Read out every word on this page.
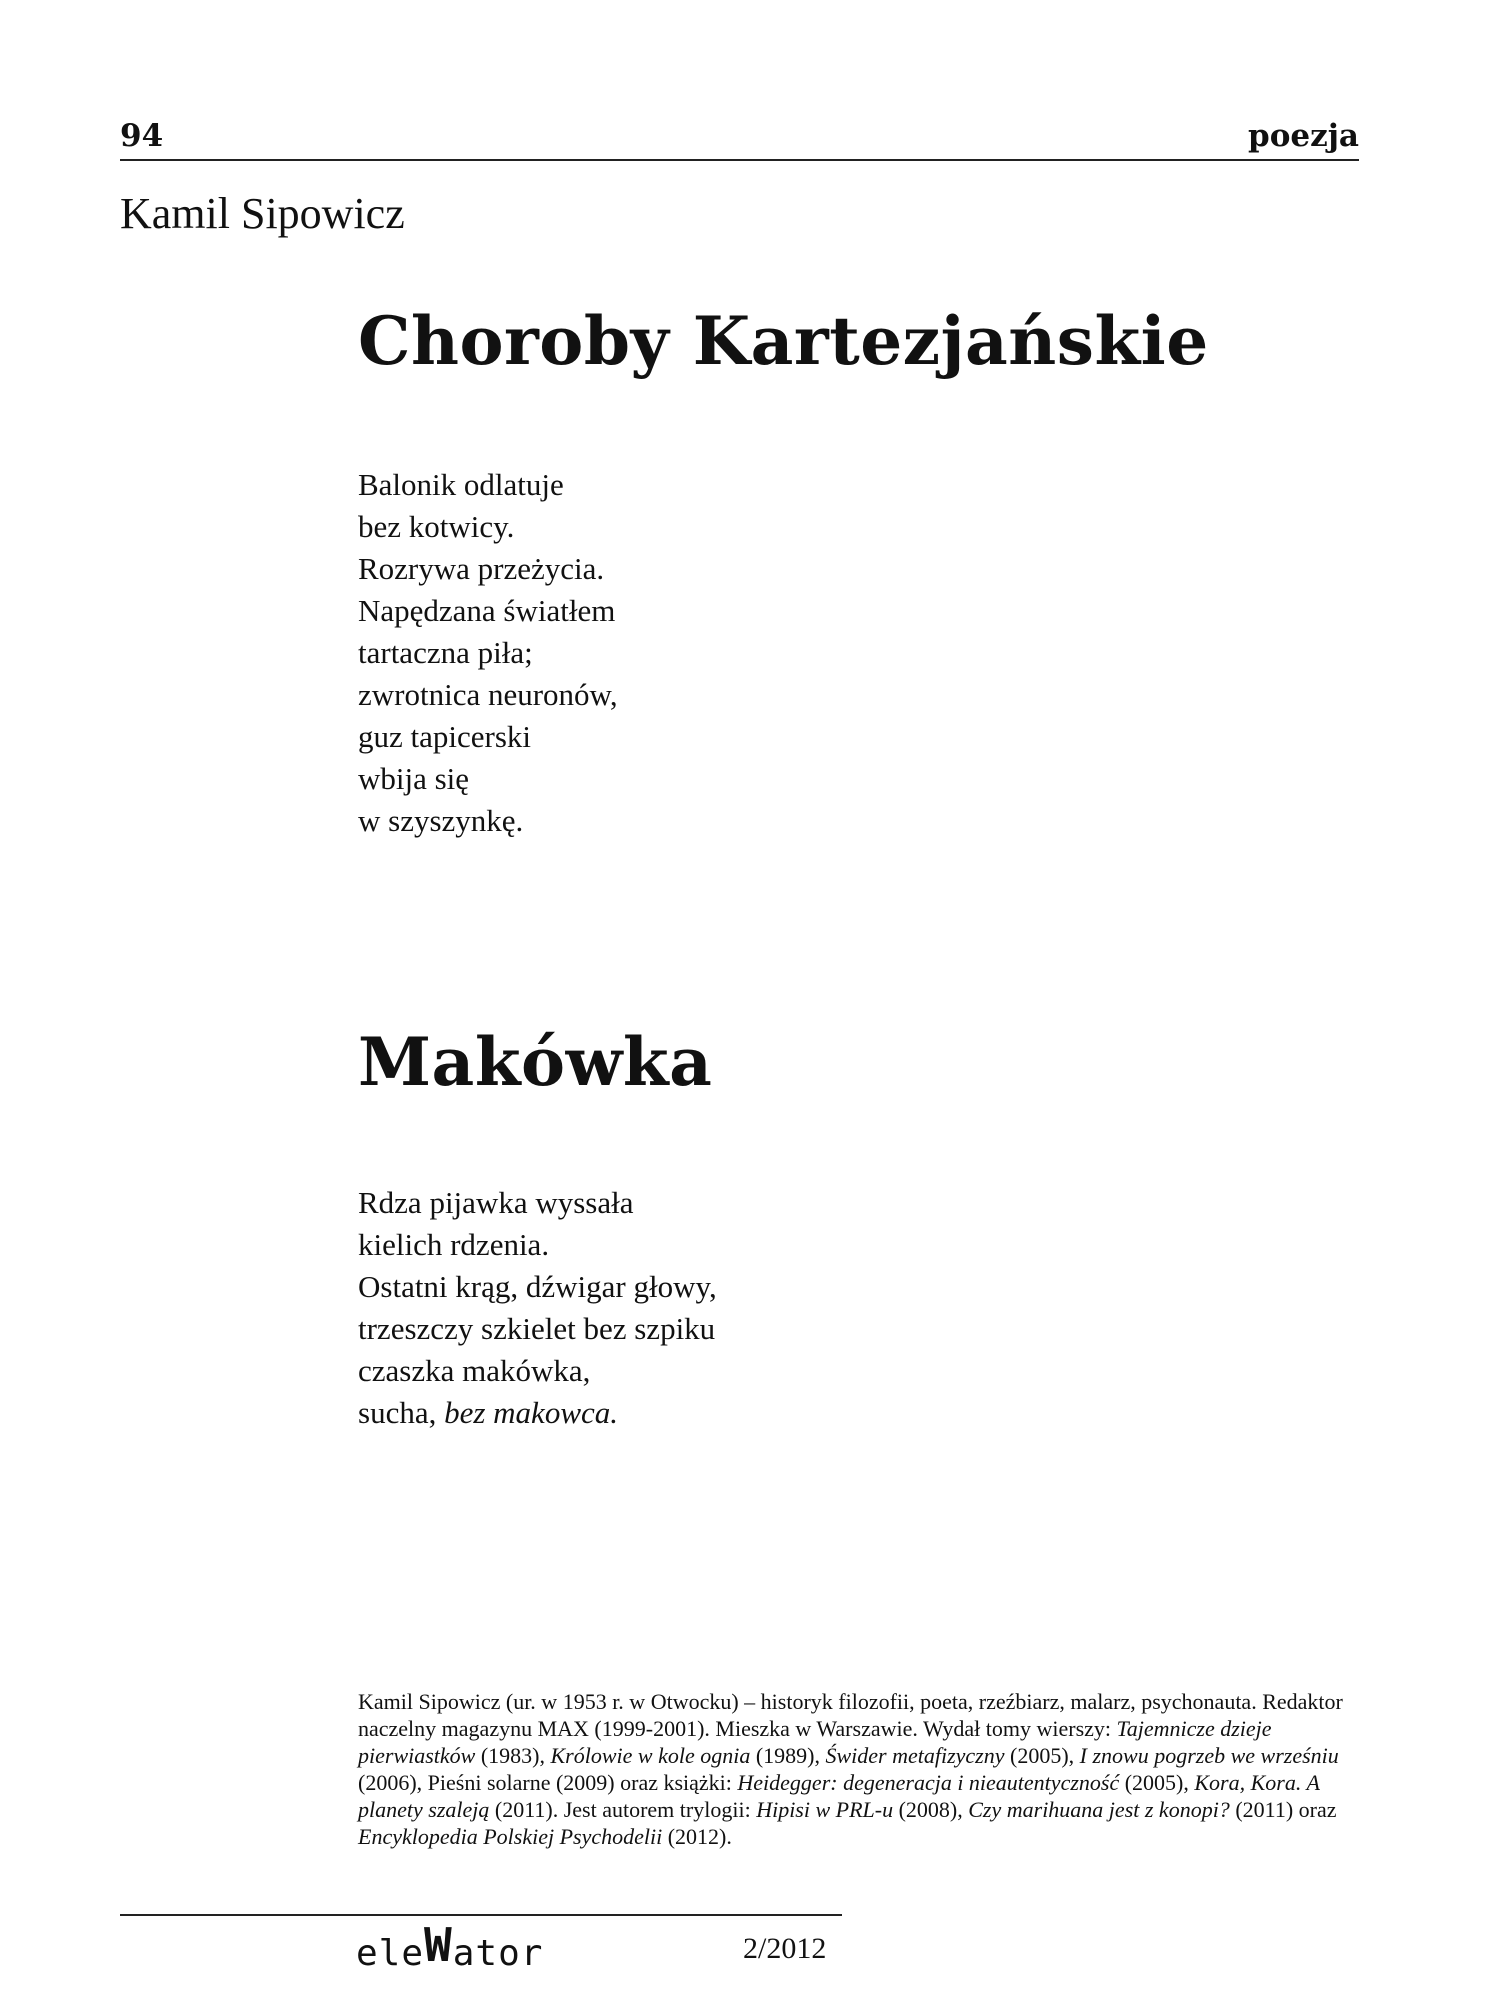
94	poezja
Kamil Sipowicz
Choroby Kartezjańskie
Balonik odlatuje
bez kotwicy.
Rozrywa przeżycia.
Napędzana światłem
tartaczna piła;
zwrotnica neuronów,
guz tapicerski
wbija się
w szyszynkę.
Makówka
Rdza pijawka wyssała
kielich rdzenia.
Ostatni krąg, dźwigar głowy,
trzeszczy szkielet bez szpiku
czaszka makówka,
sucha, bez makowca.
Kamil Sipowicz (ur. w 1953 r. w Otwocku) – historyk filozofii, poeta, rzeźbiarz, malarz, psychonauta. Redaktor naczelny magazynu MAX (1999-2001). Mieszka w Warszawie. Wydał tomy wierszy: Tajemnicze dzieje pierwiastków (1983), Królowie w kole ognia (1989), Świder metafizyczny (2005), I znowu pogrzeb we wrześniu (2006), Pieśni solarne (2009) oraz książki: Heidegger: degeneracja i nieautentyczność (2005), Kora, Kora. A planety szaleją (2011). Jest autorem trylogii: Hipisi w PRL-u (2008), Czy marihuana jest z konopi? (2011) oraz Encyklopedia Polskiej Psychodelii (2012).
eleWator	2/2012
